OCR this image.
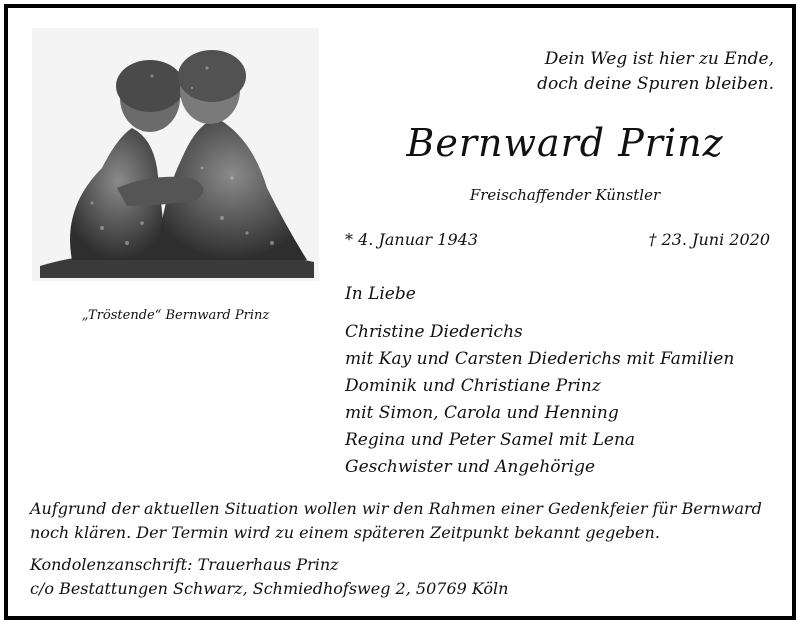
„Tröstende“ Bernward Prinz
Dein Weg ist hier zu Ende,
doch deine Spuren bleiben.
Bernward Prinz
Freischaffender Künstler
* 4. Januar 1943	† 23. Juni 2020
In Liebe
Christine Diederichs
mit Kay und Carsten Diederichs mit Familien
Dominik und Christiane Prinz
mit Simon, Carola und Henning
Regina und Peter Samel mit Lena
Geschwister und Angehörige
Aufgrund der aktuellen Situation wollen wir den Rahmen einer Gedenkfeier für Bernward noch klären. Der Termin wird zu einem späteren Zeitpunkt bekannt gegeben.
Kondolenzanschrift: Trauerhaus Prinz
c/o Bestattungen Schwarz, Schmiedhofsweg 2, 50769 Köln
